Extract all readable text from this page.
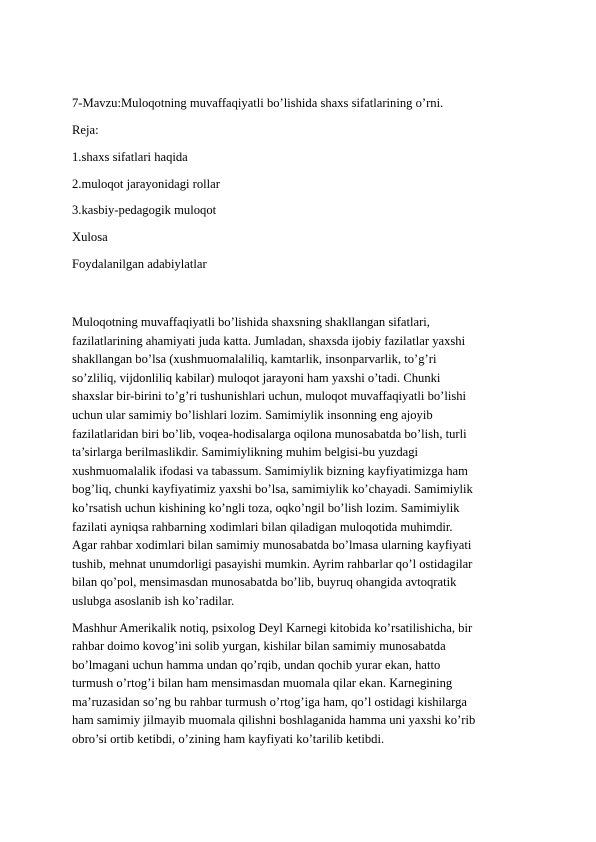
7-Mavzu:Muloqotning muvaffaqiyatli bo’lishida shaxs sifatlarining o’rni.
Reja:
1.shaxs sifatlari haqida
2.muloqot jarayonidagi rollar
3.kasbiy-pedagogik muloqot
Xulosa
Foydalanilgan adabiylatlar
Muloqotning muvaffaqiyatli bo’lishida shaxsning shakllangan sifatlari,
fazilatlarining ahamiyati juda katta. Jumladan, shaxsda ijobiy fazilatlar yaxshi
shakllangan bo’lsa (xushmuomalaliliq, kamtarlik, insonparvarlik, to’g’ri
so’zliliq, vijdonliliq kabilar) muloqot jarayoni ham yaxshi o’tadi. Chunki
shaxslar bir-birini to’g’ri tushunishlari uchun, muloqot muvaffaqiyatli bo’lishi
uchun ular samimiy bo’lishlari lozim. Samimiylik insonning eng ajoyib
fazilatlaridan biri bo’lib, voqea-hodisalarga oqilona munosabatda bo’lish, turli
ta’sirlarga berilmaslikdir. Samimiylikning muhim belgisi-bu yuzdagi
xushmuomalalik ifodasi va tabassum. Samimiylik bizning kayfiyatimizga ham
bog’liq, chunki kayfiyatimiz yaxshi bo’lsa, samimiylik ko’chayadi. Samimiylik
ko’rsatish uchun kishining ko’ngli toza, oqko’ngil bo’lish lozim. Samimiylik
fazilati ayniqsa rahbarning xodimlari bilan qiladigan muloqotida muhimdir.
Agar rahbar xodimlari bilan samimiy munosabatda bo’lmasa ularning kayfiyati
tushib, mehnat unumdorligi pasayishi mumkin. Ayrim rahbarlar qo’l ostidagilar
bilan qo’pol, mensimasdan munosabatda bo’lib, buyruq ohangida avtoqratik
uslubga asoslanib ish ko’radilar.
Mashhur Amerikalik notiq, psixolog Deyl Karnegi kitobida ko’rsatilishicha, bir
rahbar doimo kovog’ini solib yurgan, kishilar bilan samimiy munosabatda
bo’lmagani uchun hamma undan qo’rqib, undan qochib yurar ekan, hatto
turmush o’rtog’i bilan ham mensimasdan muomala qilar ekan. Karnegining
ma’ruzasidan so’ng bu rahbar turmush o’rtog’iga ham, qo’l ostidagi kishilarga
ham samimiy jilmayib muomala qilishni boshlaganida hamma uni yaxshi ko’rib
obro’si ortib ketibdi, o’zining ham kayfiyati ko’tarilib ketibdi.
